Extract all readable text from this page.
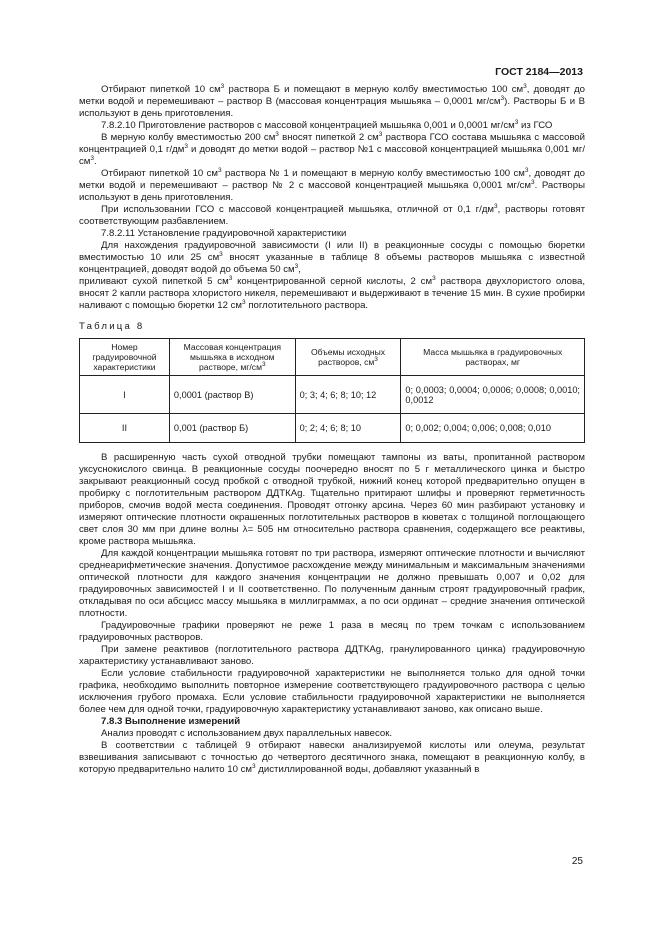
ГОСТ 2184—2013

Отбирают пипеткой 10 $см^3$ раствора Б и помещают в мерную колбу вместимостью 100 $см^3$, доводят до метки водой и перемешивают – раствор В (массовая концентрация мышьяка – 0,0001 $мг/см^3$). Растворы Б и В используют в день приготовления.

7.8.2.10 Приготовление растворов с массовой концентрацией мышьяка 0,001 и 0,0001 $мг/см^3$ из ГСО

В мерную колбу вместимостью 200 $см^3$ вносят пипеткой 2 $см^3$ раствора ГСО состава мышьяка с массовой концентрацией 0,1 $г/дм^3$ и доводят до метки водой – раствор №1 с массовой концентрацией мышьяка 0,001 $мг/см^3$.

Отбирают пипеткой 10 $см^3$ раствора № 1 и помещают в мерную колбу вместимостью 100 $см^3$, доводят до метки водой и перемешивают – раствор № 2 с массовой концентрацией мышьяка 0,0001 $мг/см^3$. Растворы используют в день приготовления.

При использовании ГСО с массовой концентрацией мышьяка, отличной от 0,1 $г/дм^3$, растворы готовят соответствующим разбавлением.

7.8.2.11 Установление градуировочной характеристики

Для нахождения градуировочной зависимости (I или II) в реакционные сосуды с помощью бюретки вместимостью 10 или 25 $см^3$ вносят указанные в таблице 8 объемы растворов мышьяка с известной концентрацией, доводят водой до объема 50 $см^3$,

приливают сухой пипеткой 5 $см^3$ концентрированной серной кислоты, 2 $см^3$ раствора двухлористого олова, вносят 2 капли раствора хлористого никеля, перемешивают и выдерживают в течение 15 мин. В сухие пробирки наливают с помощью бюретки 12 $см^3$ поглотительного раствора.

Таблица 8

Номер градуировочной характеристики	Массовая концентрация мышьяка в исходном растворе, $мг/см^3$	Объемы исходных растворов, $см^3$	Масса мышьяка в градуировочных растворах, мг
I	0,0001 (раствор В)	0; 3; 4; 6; 8; 10; 12	0; 0,0003; 0,0004; 0,0006; 0,0008; 0,0010; 0,0012
II	0,001 (раствор Б)	0; 2; 4; 6; 8; 10	0; 0,002; 0,004; 0,006; 0,008; 0,010

В расширенную часть сухой отводной трубки помещают тампоны из ваты, пропитанной раствором уксуснокислого свинца. В реакционные сосуды поочередно вносят по 5 г металлического цинка и быстро закрывают реакционный сосуд пробкой с отводной трубкой, нижний конец которой предварительно опущен в пробирку с поглотительным раствором ДДТКAg. Тщательно притирают шлифы и проверяют герметичность приборов, смочив водой места соединения. Проводят отгонку арсина. Через 60 мин разбирают установку и измеряют оптические плотности окрашенных поглотительных растворов в кюветах с толщиной поглощающего свет слоя 30 мм при длине волны λ= 505 нм относительно раствора сравнения, содержащего все реактивы, кроме раствора мышьяка.

Для каждой концентрации мышьяка готовят по три раствора, измеряют оптические плотности и вычисляют среднеарифметические значения. Допустимое расхождение между минимальным и максимальным значениями оптической плотности для каждого значения концентрации не должно превышать 0,007 и 0,02 для градуировочных зависимостей I и II соответственно. По полученным данным строят градуировочный график, откладывая по оси абсцисс массу мышьяка в миллиграммах, а по оси ординат – средние значения оптической плотности.

Градуировочные графики проверяют не реже 1 раза в месяц по трем точкам с использованием градуировочных растворов.

При замене реактивов (поглотительного раствора ДДТКAg, гранулированного цинка) градуировочную характеристику устанавливают заново.

Если условие стабильности градуировочной характеристики не выполняется только для одной точки графика, необходимо выполнить повторное измерение соответствующего градуировочного раствора с целью исключения грубого промаха. Если условие стабильности градуировочной характеристики не выполняется более чем для одной точки, градуировочную характеристику устанавливают заново, как описано выше.

7.8.3 Выполнение измерений

Анализ проводят с использованием двух параллельных навесок.

В соответствии с таблицей 9 отбирают навески анализируемой кислоты или олеума, результат взвешивания записывают с точностью до четвертого десятичного знака, помещают в реакционную колбу, в которую предварительно налито 10 $см^3$ дистиллированной воды, добавляют указанный в

25
